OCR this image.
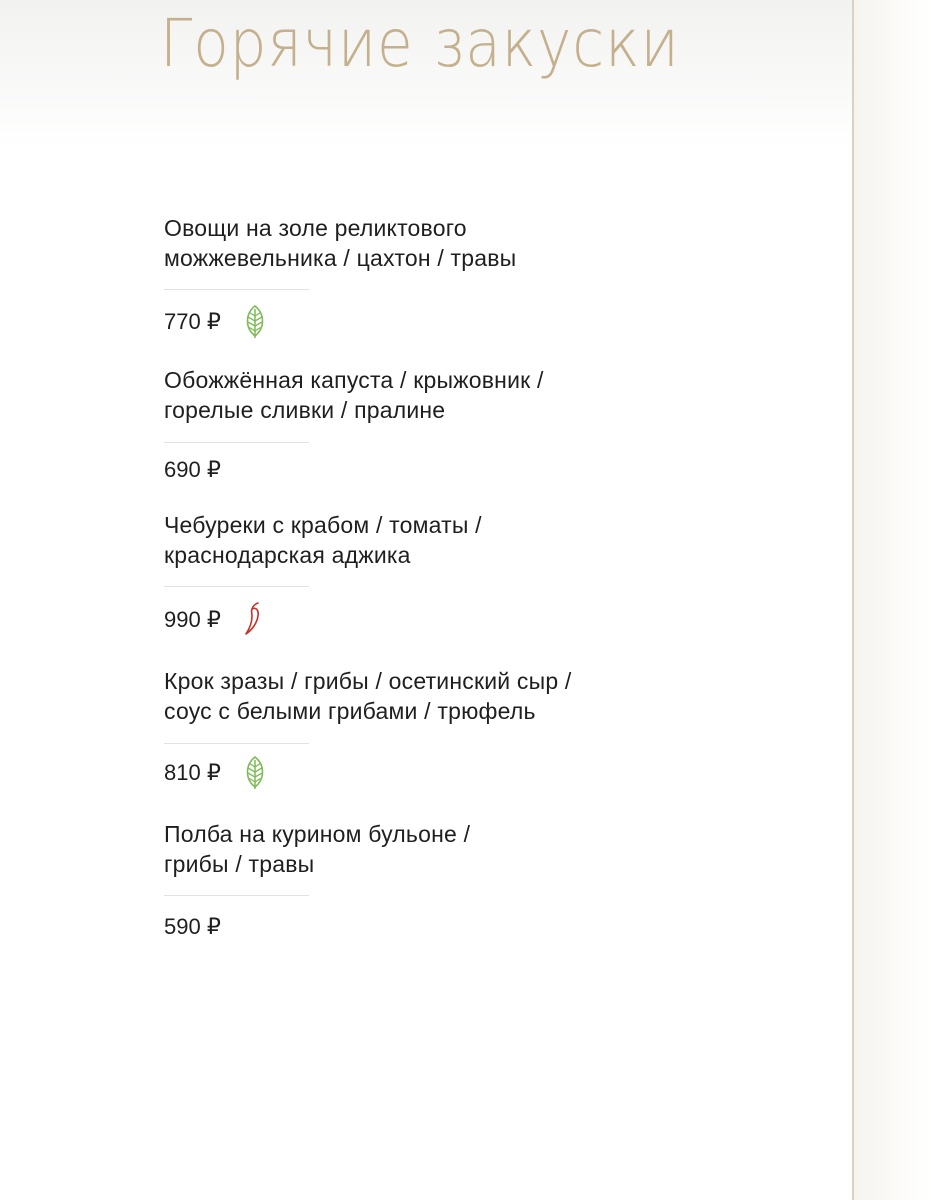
Горячие закуски

Овощи на золе реликтового
можжевельника / цахтон / травы

770 ₽

Обожжённая капуста / крыжовник /
горелые сливки / пралине

690 ₽

Чебуреки с крабом / томаты /
краснодарская аджика

990 ₽

Крок зразы / грибы / осетинский сыр /
соус с белыми грибами / трюфель

810 ₽

Полба на курином бульоне /
грибы / травы

590 ₽
